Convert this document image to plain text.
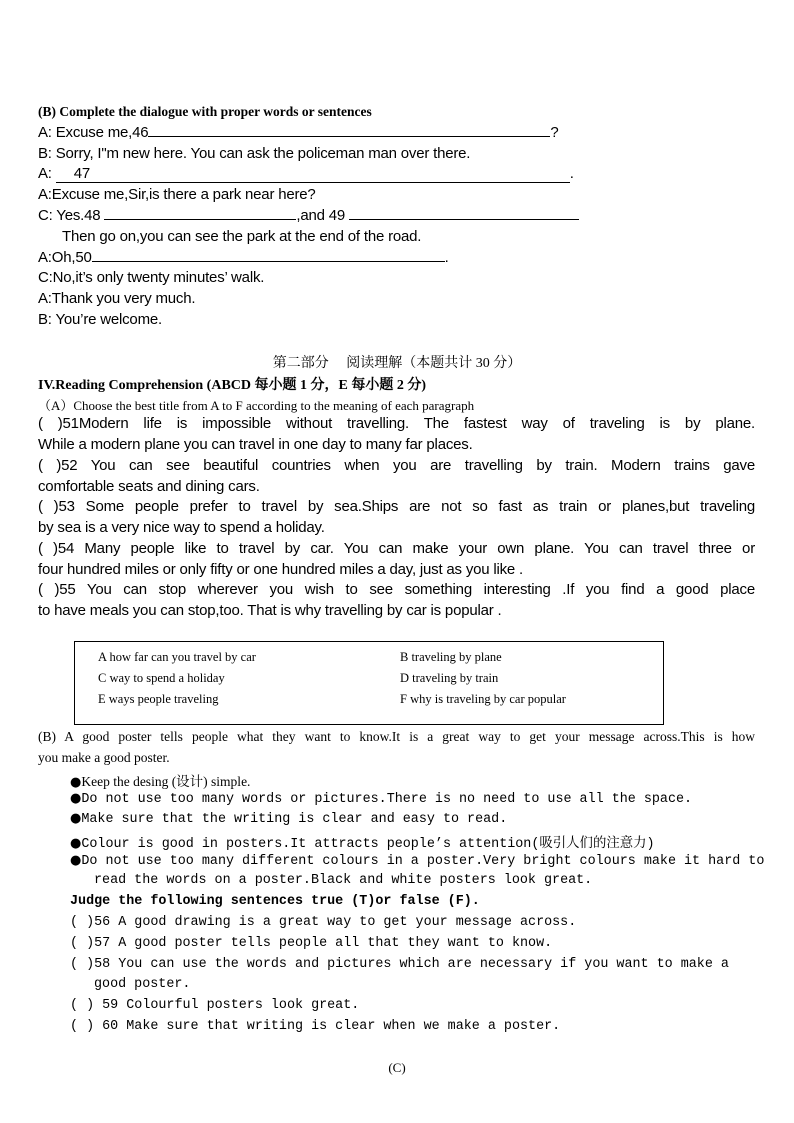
(B) Complete the dialogue with proper words or sentences
A: Excuse me,46	?
B: Sorry, I"m new here. You can ask the policeman man over there.
A: 47	.
A:Excuse me,Sir,is there a park near here?
C: Yes.48	,and 49
Then go on,you can see the park at the end of the road.
A:Oh,50	.
C:No,it’s only twenty minutes’ walk.
A:Thank you very much.
B: You’re welcome.
第二部分　 阅读理解（本题共计 30 分）
IV.Reading Comprehension (ABCD 每小题 1 分，E 每小题 2 分)
（A）Choose the best title from A to F according to the meaning of each paragraph
( )51Modern life is impossible without travelling. The fastest way of traveling is by plane.
While a modern plane you can travel in one day to many far places.
( )52 You can see beautiful countries when you are travelling by train. Modern trains gave
comfortable seats and dining cars.
( )53 Some people prefer to travel by sea.Ships are not so fast as train or planes,but traveling
by sea is a very nice way to spend a holiday.
( )54 Many people like to travel by car. You can make your own plane. You can travel three or
four hundred miles or only fifty or one hundred miles a day, just as you like .
( )55 You can stop wherever you wish to see something interesting .If you find a good place
to have meals you can stop,too. That is why travelling by car is popular .
A how far can you travel by car	B traveling by plane
C way to spend a holiday	D traveling by train
E ways people traveling	F why is traveling by car popular
(B) A good poster tells people what they want to know.It is a great way to get your message across.This is how
you make a good poster.
●Keep the desing (设计) simple.
●Do not use too many words or pictures.There is no need to use all the space.
●Make sure that the writing is clear and easy to read.
●Colour is good in posters.It attracts people’s attention(吸引人们的注意力)
●Do not use too many different colours in a poster.Very bright colours make it hard to
read the words on a poster.Black and white posters look great.
Judge the following sentences true (T)or false (F).
( )56 A good drawing is a great way to get your message across.
( )57 A good poster tells people all that they want to know.
( )58 You can use the words and pictures which are necessary if you want to make a
good poster.
( ) 59 Colourful posters look great.
( ) 60 Make sure that writing is clear when we make a poster.
(C)
